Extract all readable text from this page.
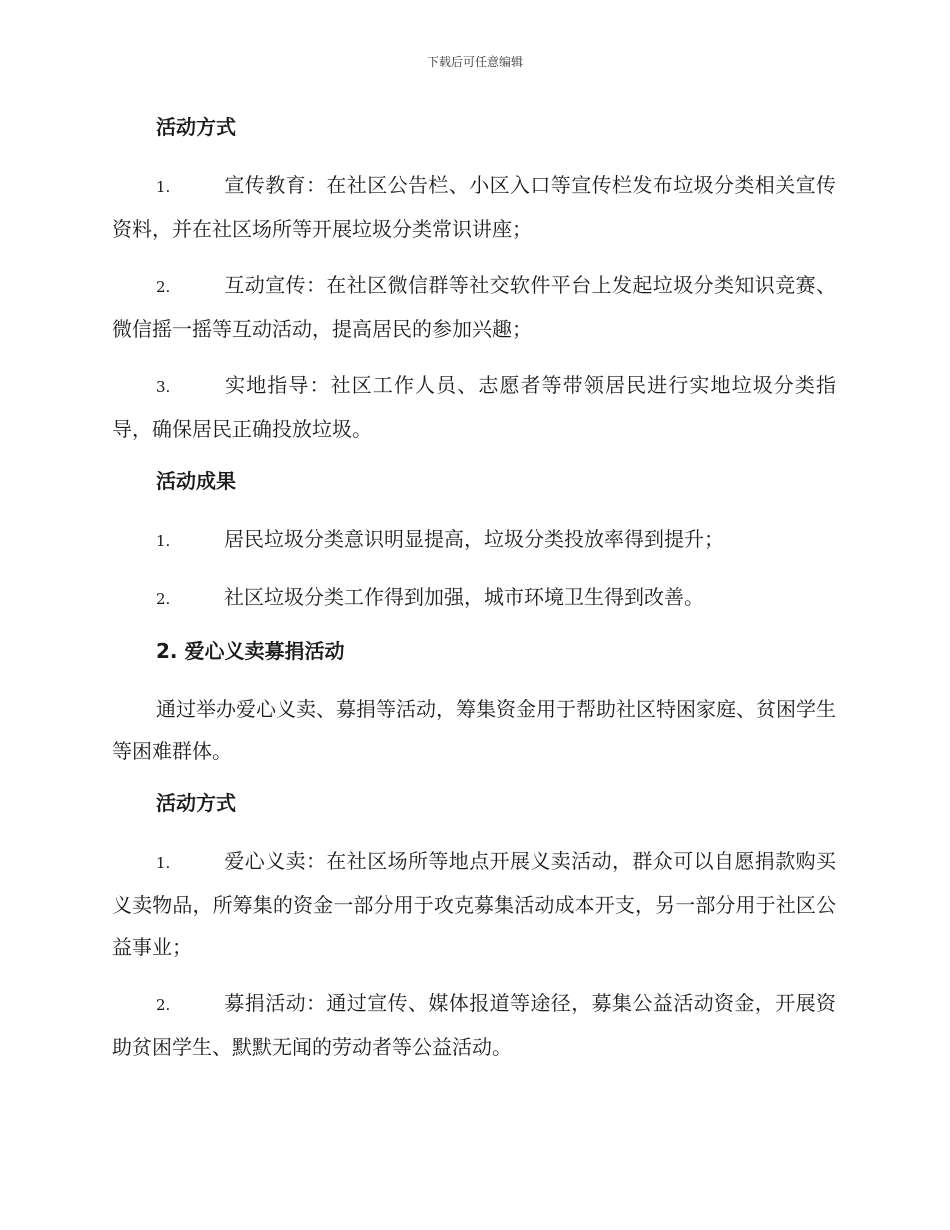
下载后可任意编辑
活动方式
1.	宣传教育：在社区公告栏、小区入口等宣传栏发布垃圾分类相关宣传资料，并在社区场所等开展垃圾分类常识讲座；
2.	互动宣传：在社区微信群等社交软件平台上发起垃圾分类知识竞赛、微信摇一摇等互动活动，提高居民的参加兴趣；
3.	实地指导：社区工作人员、志愿者等带领居民进行实地垃圾分类指导，确保居民正确投放垃圾。
活动成果
1.	居民垃圾分类意识明显提高，垃圾分类投放率得到提升；
2.	社区垃圾分类工作得到加强，城市环境卫生得到改善。
2. 爱心义卖募捐活动
通过举办爱心义卖、募捐等活动，筹集资金用于帮助社区特困家庭、贫困学生等困难群体。
活动方式
1.	爱心义卖：在社区场所等地点开展义卖活动，群众可以自愿捐款购买义卖物品，所筹集的资金一部分用于攻克募集活动成本开支，另一部分用于社区公益事业；
2.	募捐活动：通过宣传、媒体报道等途径，募集公益活动资金，开展资助贫困学生、默默无闻的劳动者等公益活动。
